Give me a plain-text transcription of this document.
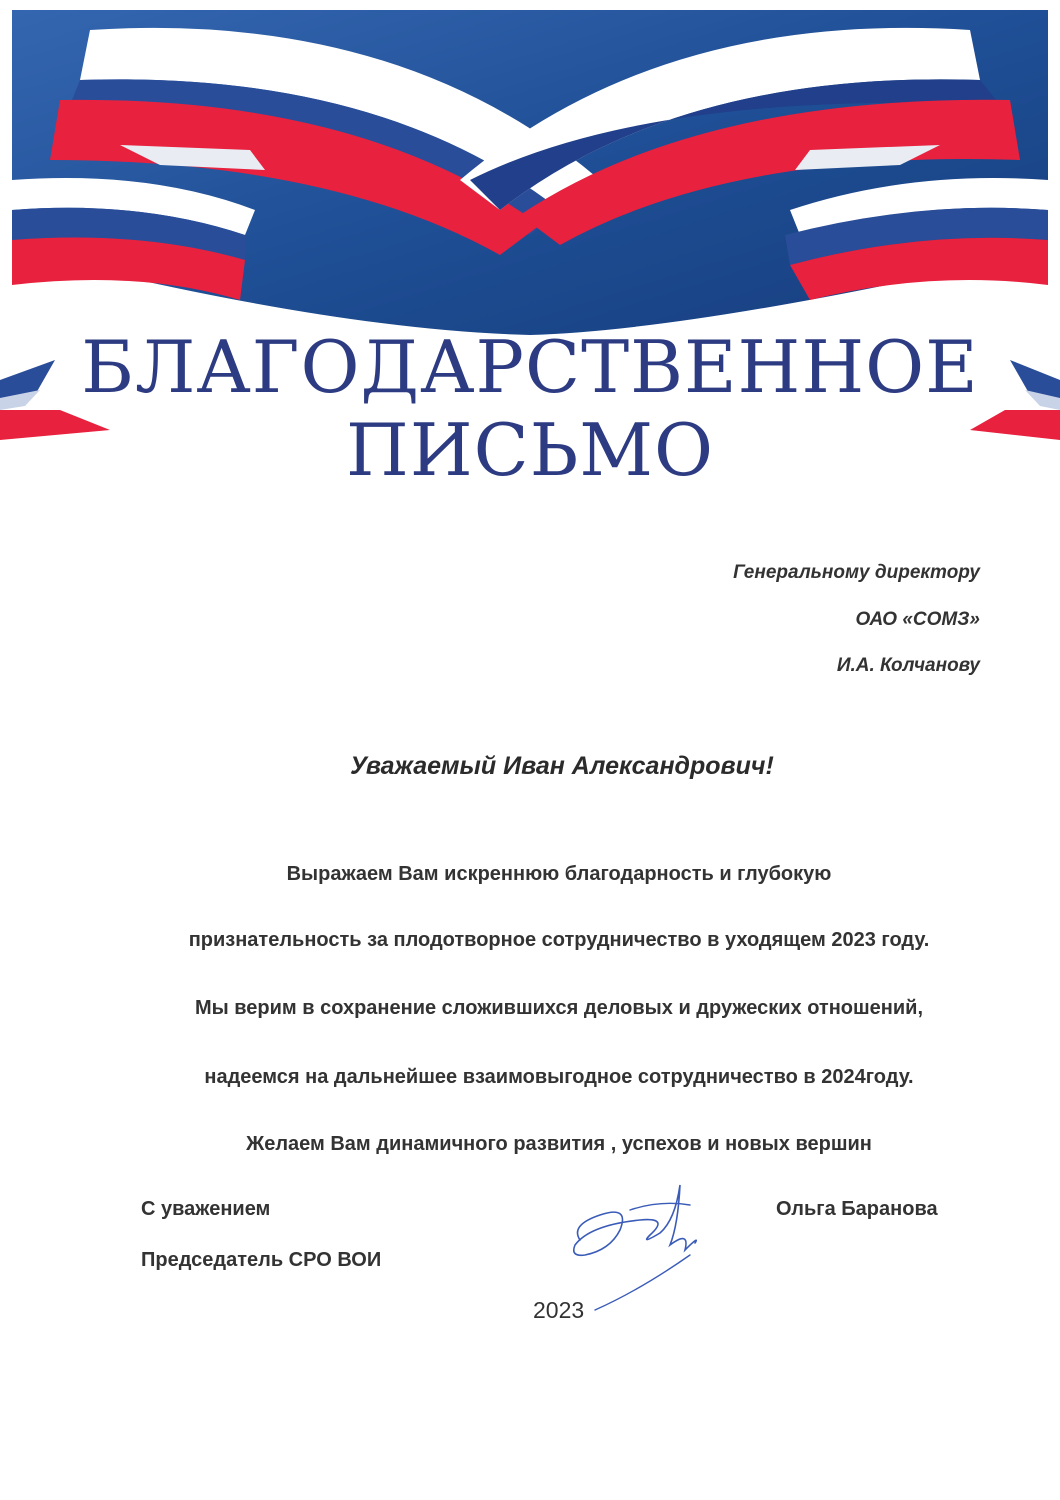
БЛАГОДАРСТВЕННОЕ
ПИСЬМО
Генеральному директору
ОАО «СОМЗ»
И.А. Колчанову
Уважаемый Иван Александрович!
Выражаем Вам искреннюю благодарность и глубокую
признательность за плодотворное сотрудничество в уходящем 2023 году.
Мы верим в сохранение сложившихся деловых и дружеских отношений,
надеемся на дальнейшее взаимовыгодное сотрудничество в 2024году.
Желаем Вам динамичного развития , успехов и новых вершин
С уважением
Председатель СРО ВОИ
Ольга Баранова
2023
